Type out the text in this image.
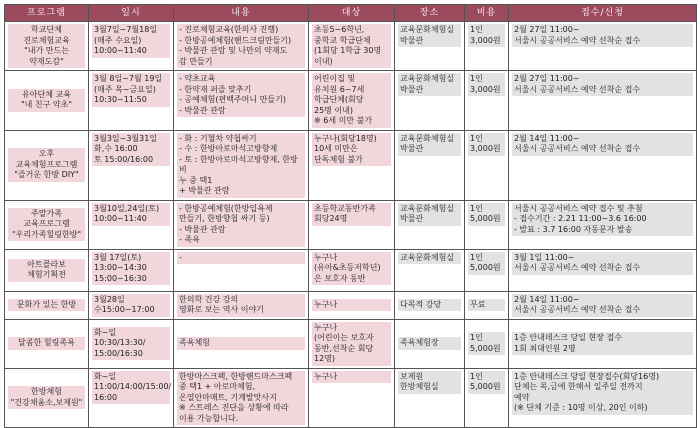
프로그램	일시	내용	대상	장소	비용	접수/신청

학교단체
진로체험교육
"내가 만드는
약재도감"	3월7일~7월18일
(매주 수요일)
10:00~11:40	- 진로체험교육(한의사 진행)
- 한방공예체험(핸드크림만들기)
- 박물관 관람 및 나만의 약재도
감 만들기	초등5~6학년,
중학교 학급단체
(1회당 1학급 30명
이내)	교육문화체험실
박물관	1인
3,000원	2월 27일 11:00~
서울시 공공서비스 예약 선착순 접수

유아단체 교육
"내 친구 약초"	3월 8일~7월 19일
(매주 목~금요일)
10:30~11:50	- 약초교육
- 한약재 퍼즐 맞추기
- 공예체험(편백주머니 만들기)
- 박물관 관람	어린이집 및
유치원 6~7세
학급단체(회당
25명 이내)
※ 6세 미만 불가	교육문화체험실
박물관	1인
3,000원	2월 27일 11:00~
서울시 공공서비스 예약 선착순 접수

오후
교육체험프로그램
"즐거운 한방 DIY"	3월3일~3월31일
화,수 16:00
토 15:00/16:00	- 화 : 기혈차 약첩싸기
- 수 : 한방아로마석고방향제
- 토 : 한방아로마석고방향제, 한방비
누 중 택1
+ 박물관 관람	누구나(회당18명)
10세 미만은
단독체험 불가	교육문화체험실
박물관	1인
3,000원	2월 14일 11:00~
서울시 공공서비스 예약 선착순 접수

주말가족
교육프로그램
"우리가족힐링한방"	3월10일,24일(토)
10:00~11:40	- 한방공예체험(한방입욕제
만들기, 한방향첩 싸기 등)
- 박물관 관람
- 족욕	초등학교동반가족
회당24명	교육문화체험실
박물관	1인
5,000원	서울시 공공서비스 예약 접수 및 추첨
- 접수기간 : 2.21 11:00~3.6 16:00
- 발표 : 3.7 16:00 자동문자 발송

아트콜라보
체험기획전	3월 17일(토)
13:00~14:30
15:00~16:30	-	누구나
(유아&초등저학년)
은 보호자 동반	교육문화체험실	1인
5,000원	3월 1일 11:00~
서울시 공공서비스 예약 선착순 접수

문화가 있는 한방	3월28일
수15:00~17:00	한의학 건강 강의
영화로 보는 역사 이야기	누구나	다목적 강당	무료	2월 14일 11:00~
서울시 공공서비스 예약 선착순 접수

달콤한 힐링족욕	화~일
10:30/13:30/
15:00/16:30	족욕체험	누구나
(어린이는 보호자
동반,선착순 회당
12명)	족욕체험장	1인
5,000원	1층 안내데스크 당일 현장 접수
1회 최대인원 2명

한방체험
"건강채움소,보제원"	화~일
11:00/14:00/15:00/
16:00	한방마스크팩, 한방핸드마스크팩
중 택1 + 아로마체험,
온열안마매트, 기계발맛사지
※ 스트레스 진단을 상황에 따라
이용 가능합니다.	누구나	보제원
한방체험실	1인
5,000원	1층 안내데스크 당일 현장접수(회당16명)
단체는 목,금에 한해서 일주일 전까지
예약
(※ 단체 기준 : 10명 이상, 20인 이하)
